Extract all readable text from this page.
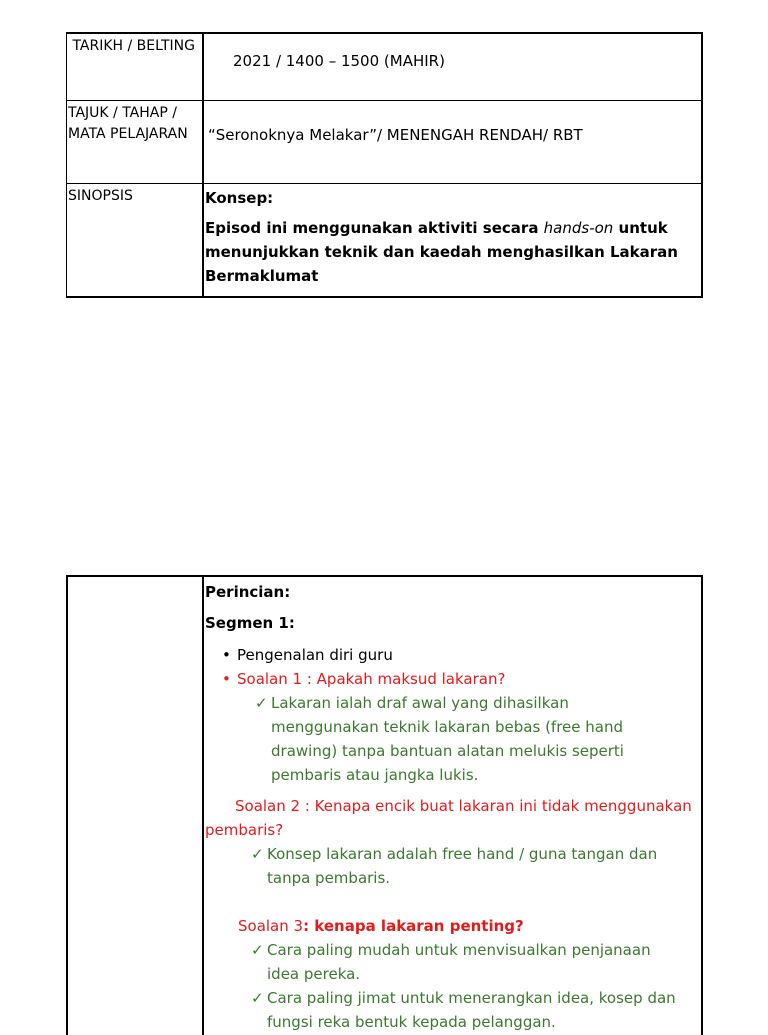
TARIKH / BELTING	2021 / 1400 – 1500 (MAHIR)

TAJUK / TAHAP / MATA PELAJARAN	“Seronoknya Melakar”/ MENENGAH RENDAH/ RBT

SINOPSIS	Konsep:
Episod ini menggunakan aktiviti secara hands-on untuk menunjukkan teknik dan kaedah menghasilkan Lakaran Bermaklumat
Perincian:
Segmen 1:
• Pengenalan diri guru
• Soalan 1 : Apakah maksud lakaran?
✓ Lakaran ialah draf awal yang dihasilkan menggunakan teknik lakaran bebas (free hand drawing) tanpa bantuan alatan melukis seperti pembaris atau jangka lukis.
Soalan 2 : Kenapa encik buat lakaran ini tidak menggunakan pembaris?
✓ Konsep lakaran adalah free hand / guna tangan dan tanpa pembaris.
Soalan 3: kenapa lakaran penting?
✓ Cara paling mudah untuk menvisualkan penjanaan idea pereka.
✓ Cara paling jimat untuk menerangkan idea, kosep dan fungsi reka bentuk kepada pelanggan.
